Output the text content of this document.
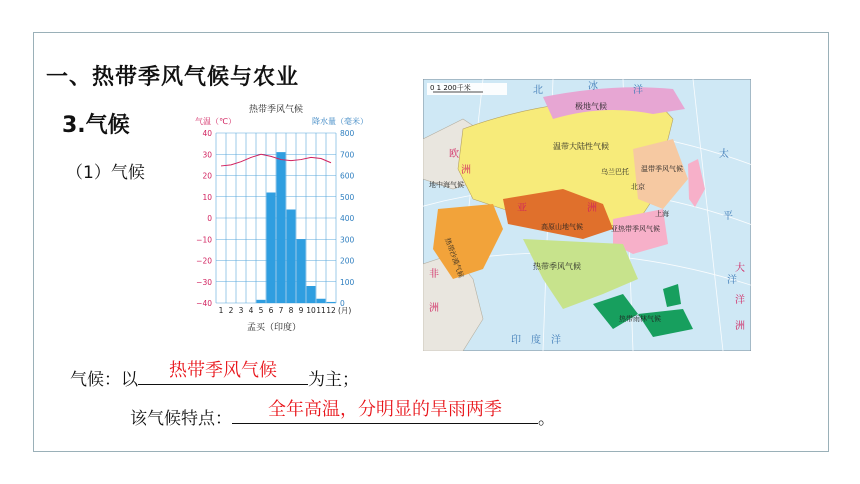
一、热带季风气候与农业
3.气候
（1）气候
热带季风气候
气温（℃）	降水量（毫米）
40
30
20
10
0
−10
−20
−30
−40
800
700
600
500
400
300
200
100
0
1 2 3 4 5 6 7 8 9 10 11 12 (月)
孟买（印度）
0 1 200千米
极地气候
温带大陆性气候
乌兰巴托
北京
上海
温带季风气候
亚热带季风气候
高原山地气候
地中海气候
热带沙漠气候	热带季风气候
热带雨林气候
北	冰	洋
太
平
洋
欧
洲
亚	洲
非
洲
印 度 洋
大
洋
洲
气候：以	热带季风气候	为主；
该气候特点：	全年高温，分明显的旱雨两季	。
